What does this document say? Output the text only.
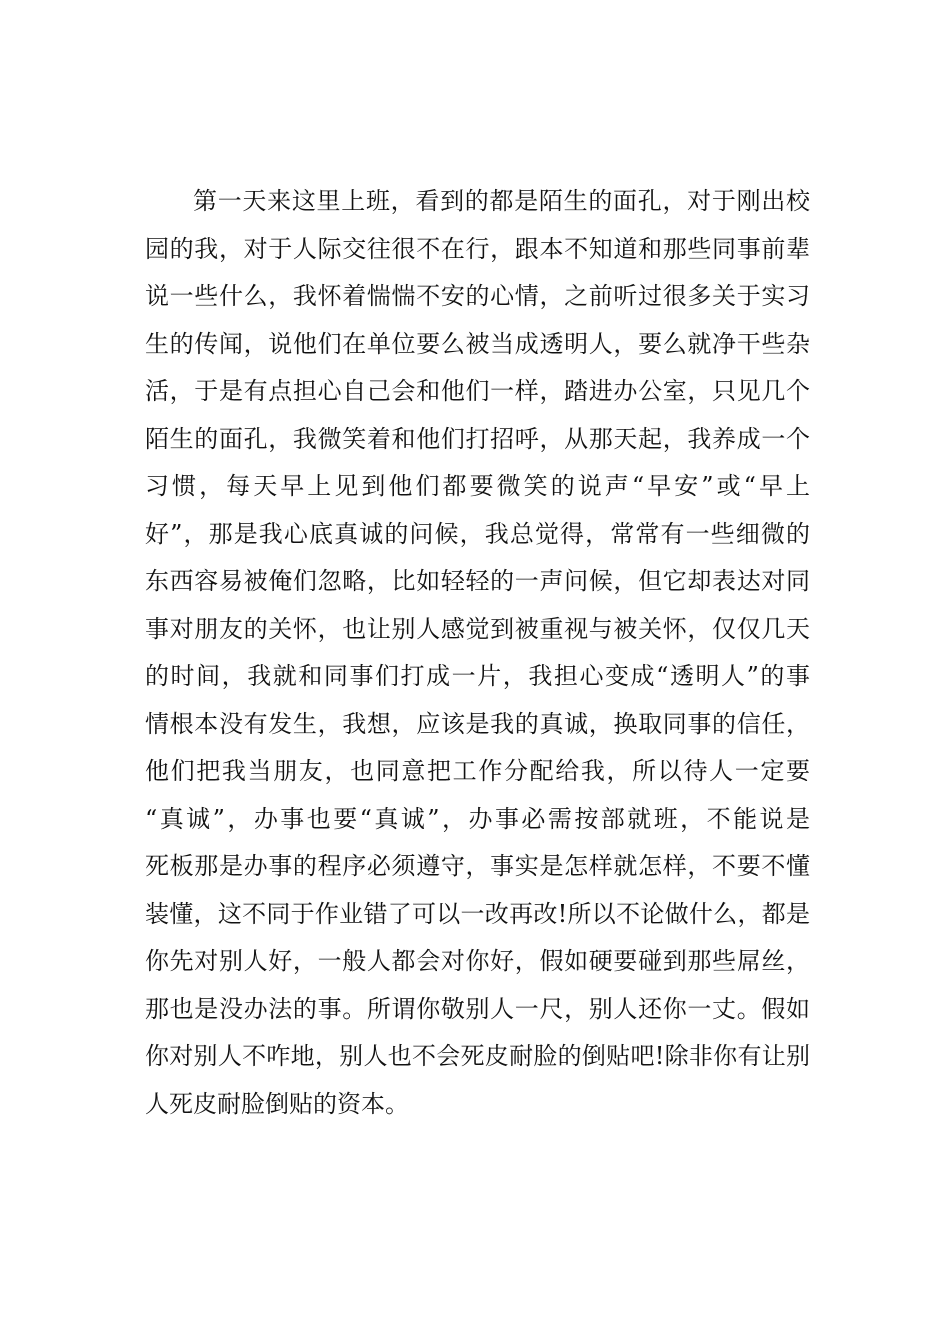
第一天来这里上班，看到的都是陌生的面孔，对于刚出校
园的我，对于人际交往很不在行，跟本不知道和那些同事前辈
说一些什么，我怀着惴惴不安的心情，之前听过很多关于实习
生的传闻，说他们在单位要么被当成透明人，要么就净干些杂
活，于是有点担心自己会和他们一样，踏进办公室，只见几个
陌生的面孔，我微笑着和他们打招呼，从那天起，我养成一个
习惯，每天早上见到他们都要微笑的说声“早安”或“早上
好”，那是我心底真诚的问候，我总觉得，常常有一些细微的
东西容易被俺们忽略，比如轻轻的一声问候，但它却表达对同
事对朋友的关怀，也让别人感觉到被重视与被关怀，仅仅几天
的时间，我就和同事们打成一片，我担心变成“透明人”的事
情根本没有发生，我想，应该是我的真诚，换取同事的信任，
他们把我当朋友，也同意把工作分配给我，所以待人一定要
“真诚”，办事也要“真诚”，办事必需按部就班，不能说是
死板那是办事的程序必须遵守，事实是怎样就怎样，不要不懂
装懂，这不同于作业错了可以一改再改!所以不论做什么，都是
你先对别人好，一般人都会对你好，假如硬要碰到那些屌丝，
那也是没办法的事。所谓你敬别人一尺，别人还你一丈。假如
你对别人不咋地，别人也不会死皮耐脸的倒贴吧!除非你有让别
人死皮耐脸倒贴的资本。
